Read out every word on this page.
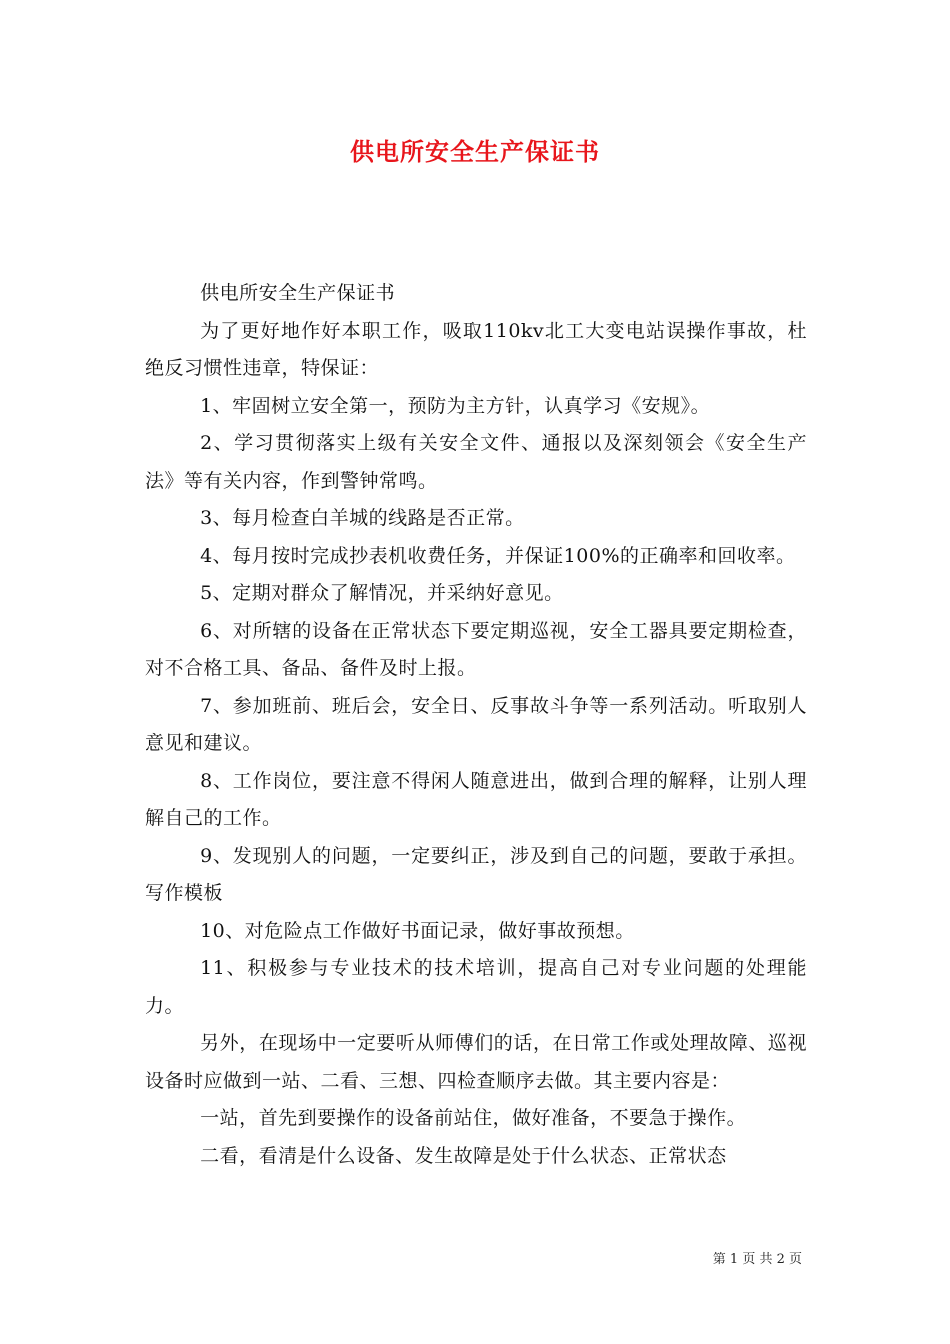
供电所安全生产保证书

供电所安全生产保证书

为了更好地作好本职工作，吸取110kv北工大变电站误操作事故，杜绝反习惯性违章，特保证：

1、牢固树立安全第一，预防为主方针，认真学习《安规》。

2、学习贯彻落实上级有关安全文件、通报以及深刻领会《安全生产法》等有关内容，作到警钟常鸣。

3、每月检查白羊城的线路是否正常。

4、每月按时完成抄表机收费任务，并保证100%的正确率和回收率。

5、定期对群众了解情况，并采纳好意见。

6、对所辖的设备在正常状态下要定期巡视，安全工器具要定期检查，对不合格工具、备品、备件及时上报。

7、参加班前、班后会，安全日、反事故斗争等一系列活动。听取别人意见和建议。

8、工作岗位，要注意不得闲人随意进出，做到合理的解释，让别人理解自己的工作。

9、发现别人的问题，一定要纠正，涉及到自己的问题，要敢于承担。写作模板

10、对危险点工作做好书面记录，做好事故预想。

11、积极参与专业技术的技术培训，提高自己对专业问题的处理能力。

另外，在现场中一定要听从师傅们的话，在日常工作或处理故障、巡视设备时应做到一站、二看、三想、四检查顺序去做。其主要内容是：

一站，首先到要操作的设备前站住，做好准备，不要急于操作。

二看，看清是什么设备、发生故障是处于什么状态、正常状态

第 1 页 共 2 页
